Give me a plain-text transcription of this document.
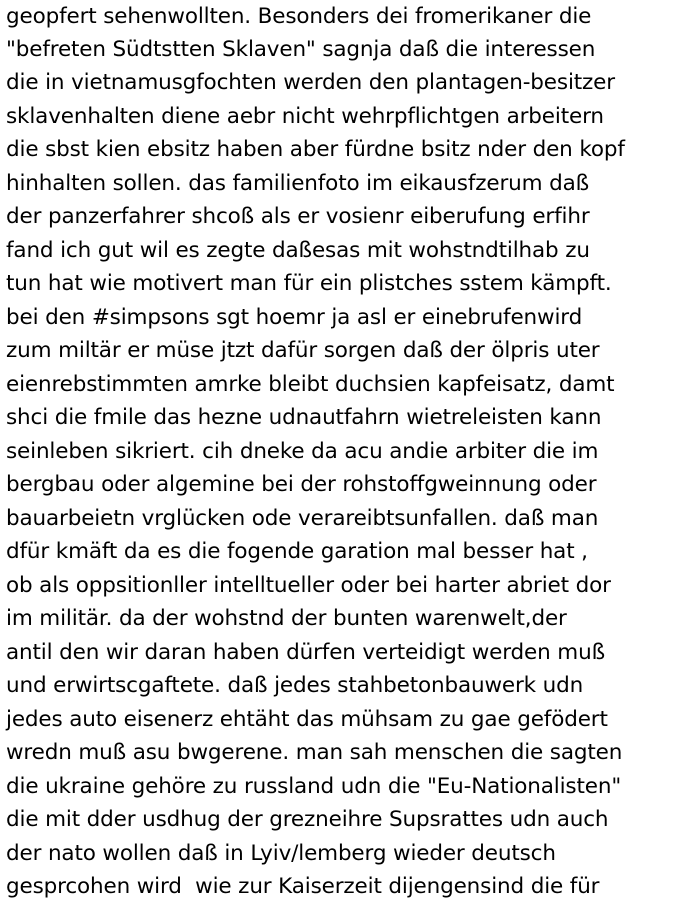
geopfert sehenwollten. Besonders dei fromerikaner die
"befreten Südtstten Sklaven" sagnja daß die interessen
die in vietnamusgfochten werden den plantagen-besitzer
sklavenhalten diene aebr nicht wehrpflichtgen arbeitern
die sbst kien ebsitz haben aber fürdne bsitz nder den kopf
hinhalten sollen. das familienfoto im eikausfzerum daß
der panzerfahrer shcoß als er vosienr eiberufung erfihr
fand ich gut wil es zegte daßesas mit wohstndtilhab zu
tun hat wie motivert man für ein plistches sstem kämpft.
bei den #simpsons sgt hoemr ja asl er einebrufenwird
zum miltär er müse jtzt dafür sorgen daß der ölpris uter
eienrebstimmten amrke bleibt duchsien kapfeisatz, damt
shci die fmile das hezne udnautfahrn wietreleisten kann
seinleben sikriert. cih dneke da acu andie arbiter die im
bergbau oder algemine bei der rohstoffgweinnung oder
bauarbeietn vrglücken ode verareibtsunfallen. daß man
dfür kmäft da es die fogende garation mal besser hat ,
ob als oppsitionller intelltueller oder bei harter abriet dor
im militär. da der wohstnd der bunten warenwelt,der
antil den wir daran haben dürfen verteidigt werden muß
und erwirtscgaftete. daß jedes stahbetonbauwerk udn
jedes auto eisenerz ehtäht das mühsam zu gae gefödert
wredn muß asu bwgerene. man sah menschen die sagten
die ukraine gehöre zu russland udn die "Eu-Nationalisten"
die mit dder usdhug der grezneihre Supsrattes udn auch
der nato wollen daß in Lyiv/lemberg wieder deutsch
gesprcohen wird  wie zur Kaiserzeit dijengensind die für
